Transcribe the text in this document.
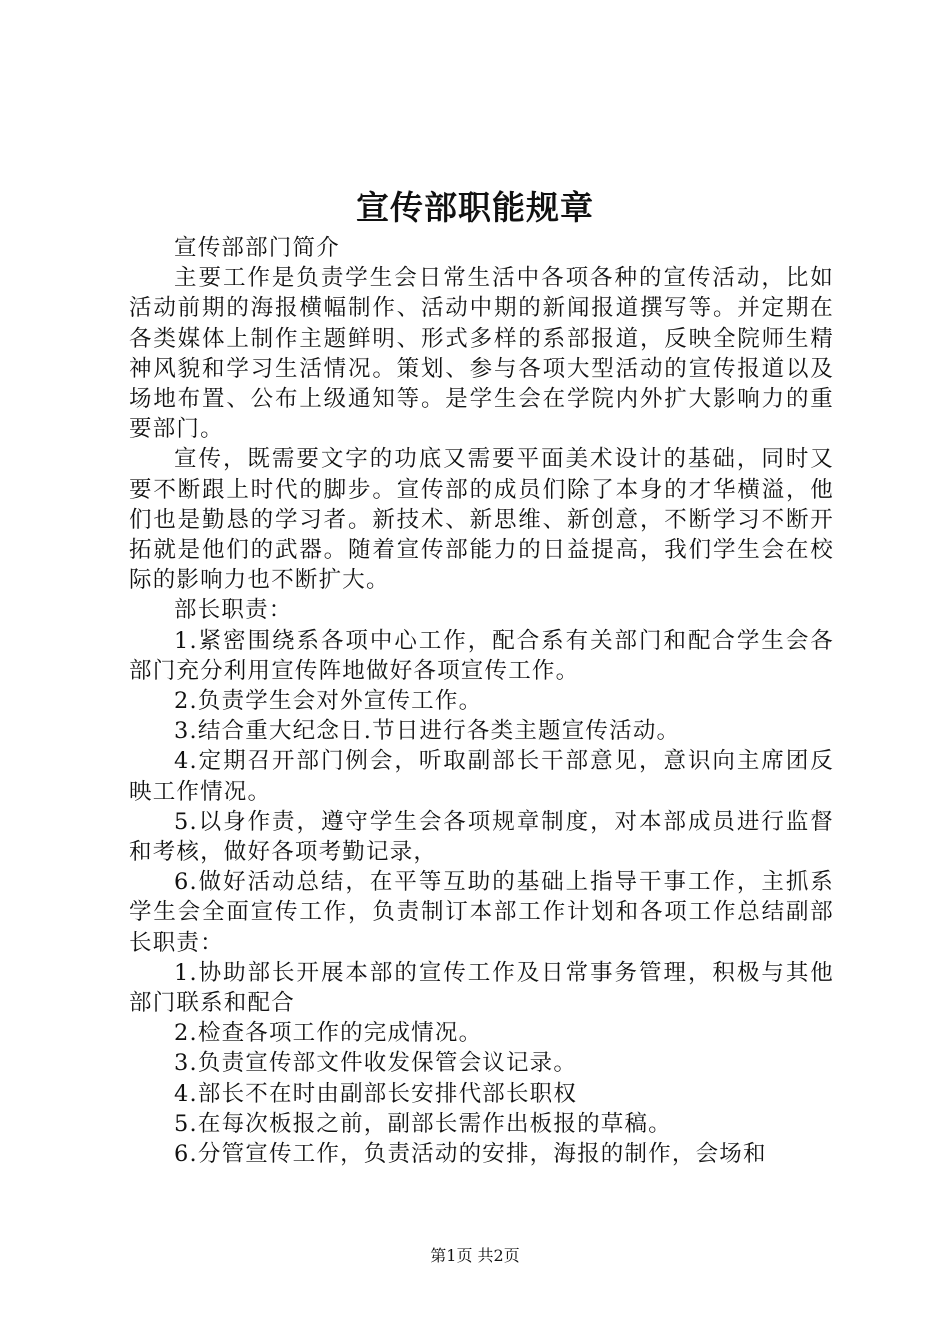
宣传部职能规章

宣传部部门简介

主要工作是负责学生会日常生活中各项各种的宣传活动，比如活动前期的海报横幅制作、活动中期的新闻报道撰写等。并定期在各类媒体上制作主题鲜明、形式多样的系部报道，反映全院师生精神风貌和学习生活情况。策划、参与各项大型活动的宣传报道以及场地布置、公布上级通知等。是学生会在学院内外扩大影响力的重要部门。

宣传，既需要文字的功底又需要平面美术设计的基础，同时又要不断跟上时代的脚步。宣传部的成员们除了本身的才华横溢，他们也是勤恳的学习者。新技术、新思维、新创意，不断学习不断开拓就是他们的武器。随着宣传部能力的日益提高，我们学生会在校际的影响力也不断扩大。

部长职责：

1.紧密围绕系各项中心工作，配合系有关部门和配合学生会各部门充分利用宣传阵地做好各项宣传工作。

2.负责学生会对外宣传工作。

3.结合重大纪念日.节日进行各类主题宣传活动。

4.定期召开部门例会，听取副部长干部意见，意识向主席团反映工作情况。

5.以身作责，遵守学生会各项规章制度，对本部成员进行监督和考核，做好各项考勤记录，

6.做好活动总结，在平等互助的基础上指导干事工作，主抓系学生会全面宣传工作，负责制订本部工作计划和各项工作总结副部长职责：

1.协助部长开展本部的宣传工作及日常事务管理，积极与其他部门联系和配合

2.检查各项工作的完成情况。

3.负责宣传部文件收发保管会议记录。

4.部长不在时由副部长安排代部长职权

5.在每次板报之前，副部长需作出板报的草稿。

6.分管宣传工作，负责活动的安排，海报的制作，会场和

第1页 共2页
